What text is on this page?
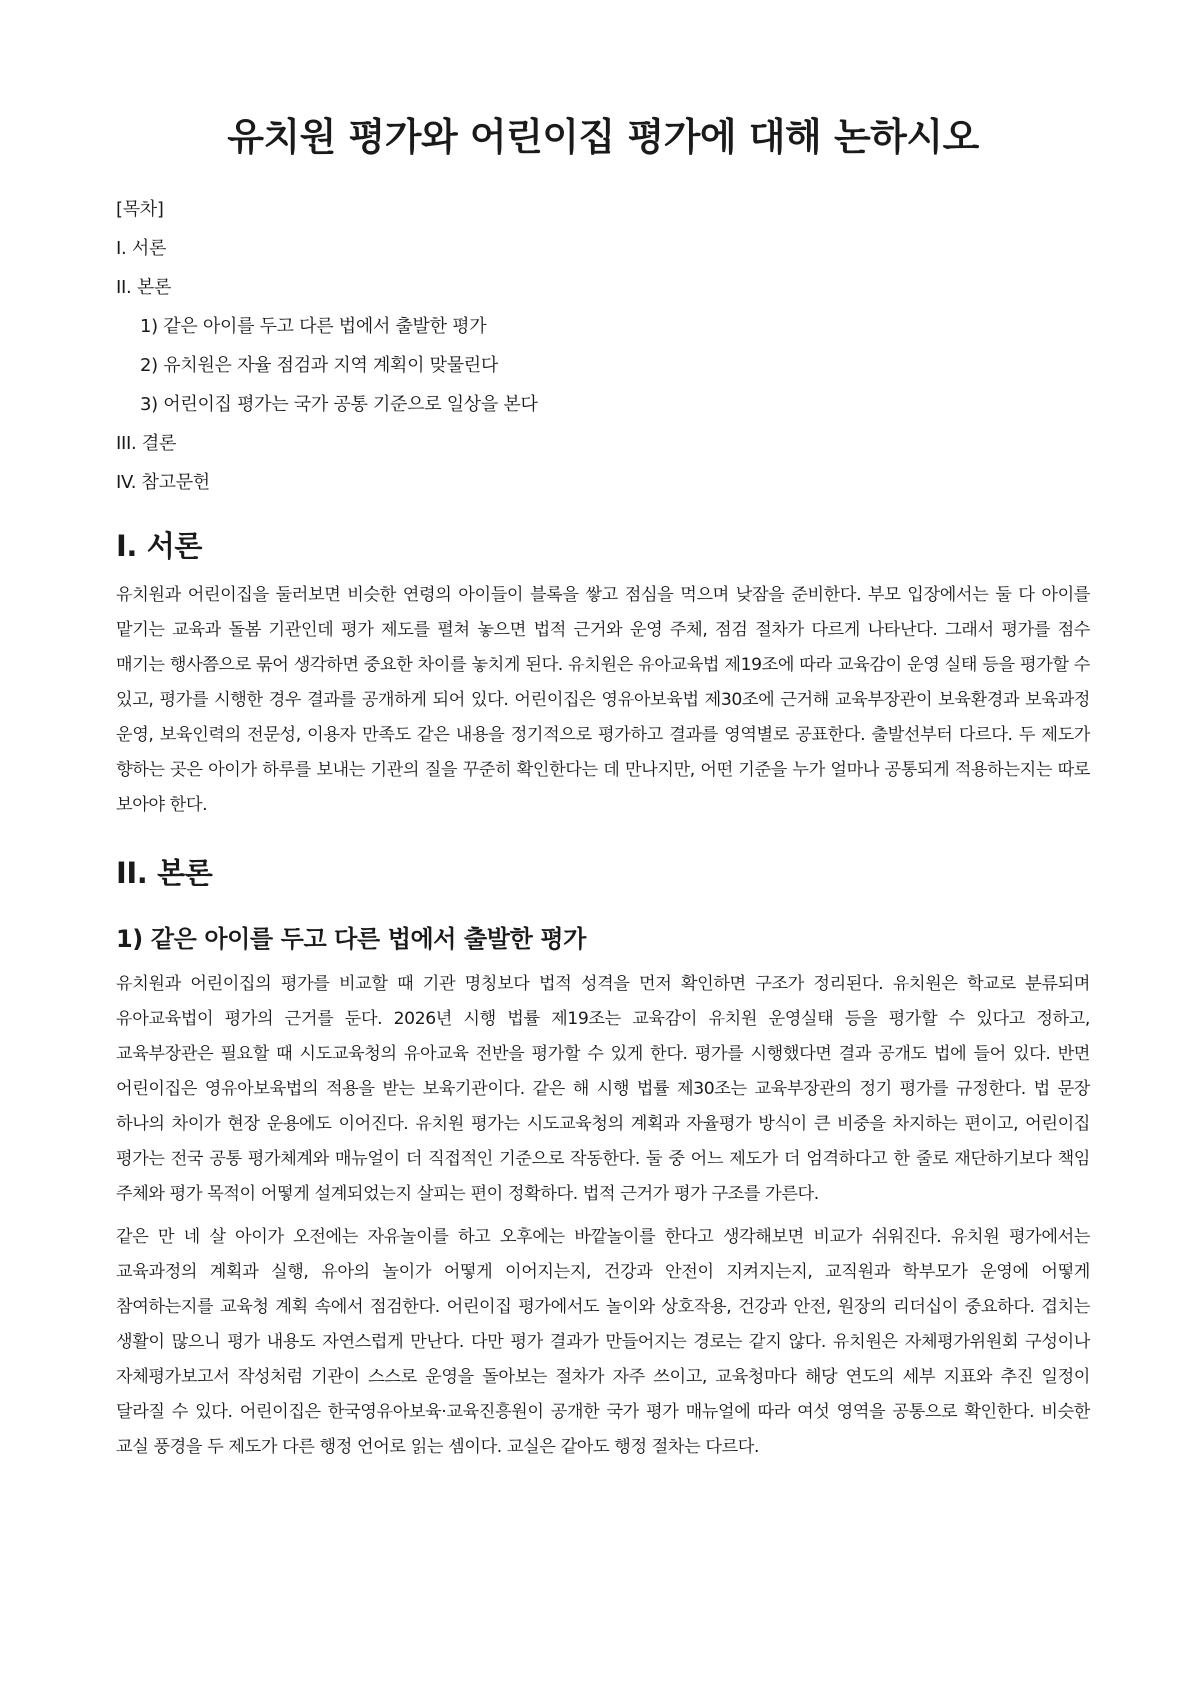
유치원 평가와 어린이집 평가에 대해 논하시오
[목차]
I. 서론
II. 본론
1) 같은 아이를 두고 다른 법에서 출발한 평가
2) 유치원은 자율 점검과 지역 계획이 맞물린다
3) 어린이집 평가는 국가 공통 기준으로 일상을 본다
III. 결론
IV. 참고문헌
I. 서론

유치원과 어린이집을 둘러보면 비슷한 연령의 아이들이 블록을 쌓고 점심을 먹으며 낮잠을 준비한다. 부모 입장에서는 둘 다 아이를 맡기는 교육과 돌봄 기관인데 평가 제도를 펼쳐 놓으면 법적 근거와 운영 주체, 점검 절차가 다르게 나타난다. 그래서 평가를 점수 매기는 행사쯤으로 묶어 생각하면 중요한 차이를 놓치게 된다. 유치원은 유아교육법 제19조에 따라 교육감이 운영 실태 등을 평가할 수 있고, 평가를 시행한 경우 결과를 공개하게 되어 있다. 어린이집은 영유아보육법 제30조에 근거해 교육부장관이 보육환경과 보육과정 운영, 보육인력의 전문성, 이용자 만족도 같은 내용을 정기적으로 평가하고 결과를 영역별로 공표한다. 출발선부터 다르다. 두 제도가 향하는 곳은 아이가 하루를 보내는 기관의 질을 꾸준히 확인한다는 데 만나지만, 어떤 기준을 누가 얼마나 공통되게 적용하는지는 따로 보아야 한다.

II. 본론
1) 같은 아이를 두고 다른 법에서 출발한 평가

유치원과 어린이집의 평가를 비교할 때 기관 명칭보다 법적 성격을 먼저 확인하면 구조가 정리된다. 유치원은 학교로 분류되며 유아교육법이 평가의 근거를 둔다. 2026년 시행 법률 제19조는 교육감이 유치원 운영실태 등을 평가할 수 있다고 정하고, 교육부장관은 필요할 때 시도교육청의 유아교육 전반을 평가할 수 있게 한다. 평가를 시행했다면 결과 공개도 법에 들어 있다. 반면 어린이집은 영유아보육법의 적용을 받는 보육기관이다. 같은 해 시행 법률 제30조는 교육부장관의 정기 평가를 규정한다. 법 문장 하나의 차이가 현장 운용에도 이어진다. 유치원 평가는 시도교육청의 계획과 자율평가 방식이 큰 비중을 차지하는 편이고, 어린이집 평가는 전국 공통 평가체계와 매뉴얼이 더 직접적인 기준으로 작동한다. 둘 중 어느 제도가 더 엄격하다고 한 줄로 재단하기보다 책임 주체와 평가 목적이 어떻게 설계되었는지 살피는 편이 정확하다. 법적 근거가 평가 구조를 가른다.

같은 만 네 살 아이가 오전에는 자유놀이를 하고 오후에는 바깥놀이를 한다고 생각해보면 비교가 쉬워진다. 유치원 평가에서는 교육과정의 계획과 실행, 유아의 놀이가 어떻게 이어지는지, 건강과 안전이 지켜지는지, 교직원과 학부모가 운영에 어떻게 참여하는지를 교육청 계획 속에서 점검한다. 어린이집 평가에서도 놀이와 상호작용, 건강과 안전, 원장의 리더십이 중요하다. 겹치는 생활이 많으니 평가 내용도 자연스럽게 만난다. 다만 평가 결과가 만들어지는 경로는 같지 않다. 유치원은 자체평가위원회 구성이나 자체평가보고서 작성처럼 기관이 스스로 운영을 돌아보는 절차가 자주 쓰이고, 교육청마다 해당 연도의 세부 지표와 추진 일정이 달라질 수 있다. 어린이집은 한국영유아보육·교육진흥원이 공개한 국가 평가 매뉴얼에 따라 여섯 영역을 공통으로 확인한다. 비슷한 교실 풍경을 두 제도가 다른 행정 언어로 읽는 셈이다. 교실은 같아도 행정 절차는 다르다.
